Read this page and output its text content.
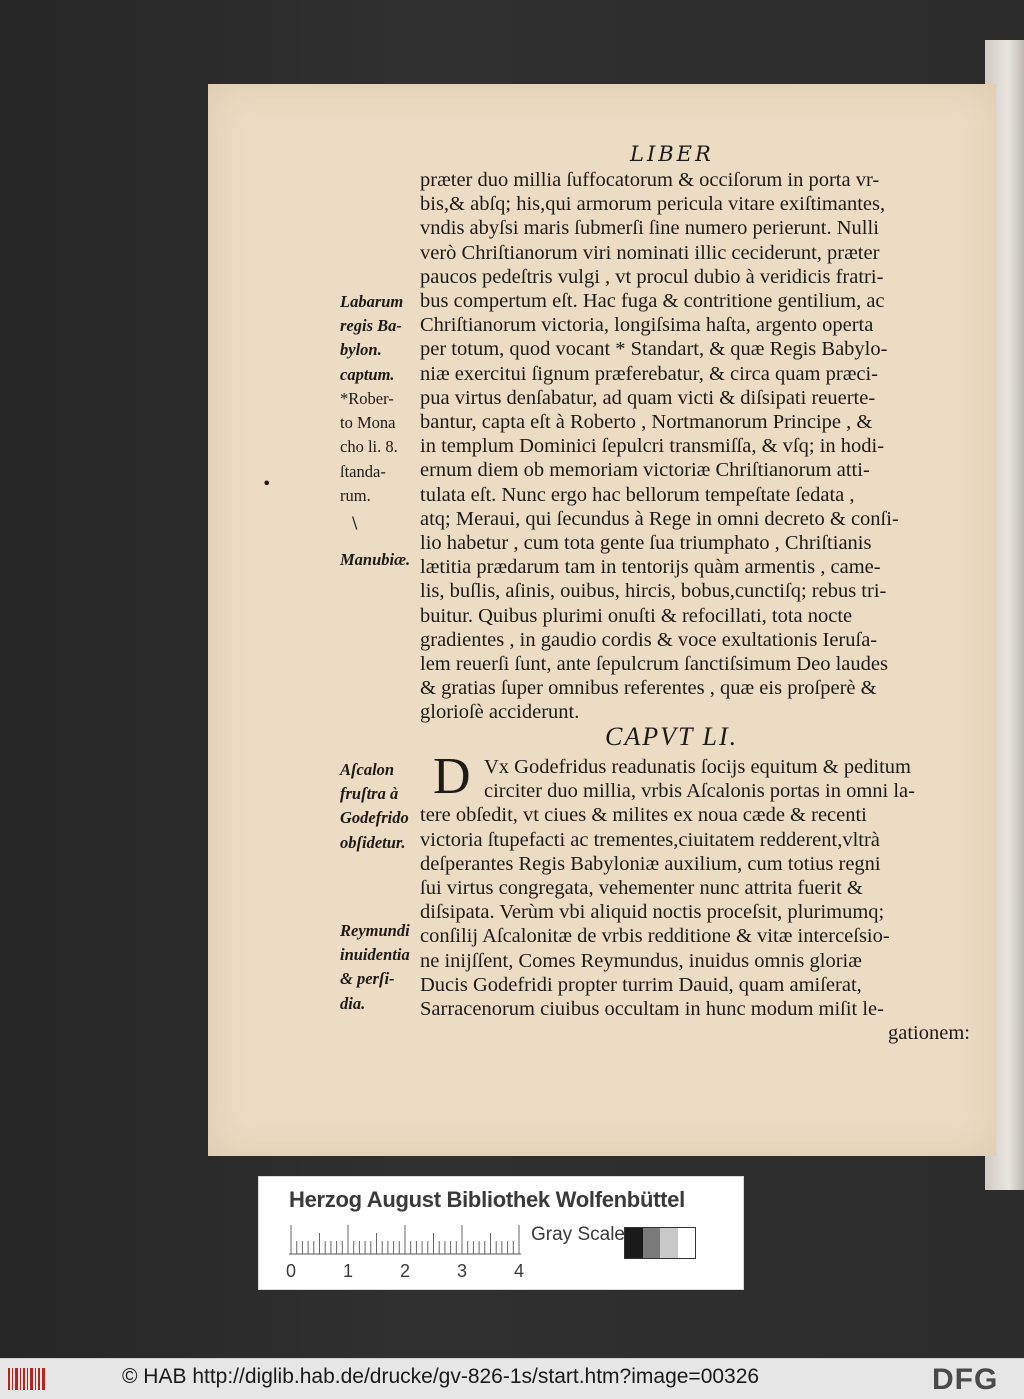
LIBER
præter duo millia ſuffocatorum & occiſorum in porta vr-
bis,& abſq; his,qui armorum pericula vitare exiſtimantes,
vndis abyſsi maris ſubmerſi ſine numero perierunt. Nulli
verò Chriſtianorum viri nominati illic ceciderunt, præter
paucos pedeſtris vulgi , vt procul dubio à veridicis fratri-
bus compertum eſt. Hac fuga & contritione gentilium, ac
Chriſtianorum victoria, longiſsima haſta, argento operta
per totum, quod vocant * Standart, & quæ Regis Babylo-
niæ exercitui ſignum præferebatur, & circa quam præci-
pua virtus denſabatur, ad quam victi & diſsipati reuerte-
bantur, capta eſt à Roberto , Nortmanorum Principe , &
in templum Dominici ſepulcri transmiſſa, & vſq; in hodi-
ernum diem ob memoriam victoriæ Chriſtianorum atti-
tulata eſt. Nunc ergo hac bellorum tempeſtate ſedata ,
atq; Meraui, qui ſecundus à Rege in omni decreto & conſi-
lio habetur , cum tota gente ſua triumphato , Chriſtianis
lætitia prædarum tam in tentorijs quàm armentis , came-
lis, buſlis, aſinis, ouibus, hircis, bobus,cunctiſq; rebus tri-
buitur. Quibus plurimi onuſti & refocillati, tota nocte
gradientes , in gaudio cordis & voce exultationis Ieruſa-
lem reuerſi ſunt, ante ſepulcrum ſanctiſsimum Deo laudes
& gratias ſuper omnibus referentes , quæ eis proſperè &
glorioſè acciderunt.
Labarum
regis Ba-
bylon.
captum.
*Rober-
to Mona
cho li. 8.
ſtanda-
rum.
Manubiæ.
Aſcalon
fruſtra à
Godefrido
obſidetur.
Reymundi
inuidentia
& perſi-
dia.
CAPVT LI.
D Vx Godefridus readunatis ſocijs equitum & peditum
circiter duo millia, vrbis Aſcalonis portas in omni la-
tere obſedit, vt ciues & milites ex noua cæde & recenti
victoria ſtupefacti ac trementes,ciuitatem redderent,vltrà
deſperantes Regis Babyloniæ auxilium, cum totius regni
ſui virtus congregata, vehementer nunc attrita fuerit &
diſsipata. Verùm vbi aliquid noctis proceſsit, plurimumq;
conſilij Aſcalonitæ de vrbis redditione & vitæ interceſsio-
ne iniјſſent, Comes Reymundus, inuidus omnis gloriæ
Ducis Godefridi propter turrim Dauid, quam amiſerat,
Sarracenorum ciuibus occultam in hunc modum miſit le-
gationem:
•
\
Herzog August Bibliothek Wolfenbüttel
0	1	2	3	4
Gray Scale
© HAB http://diglib.hab.de/drucke/gv-826-1s/start.htm?image=00326	DFG
